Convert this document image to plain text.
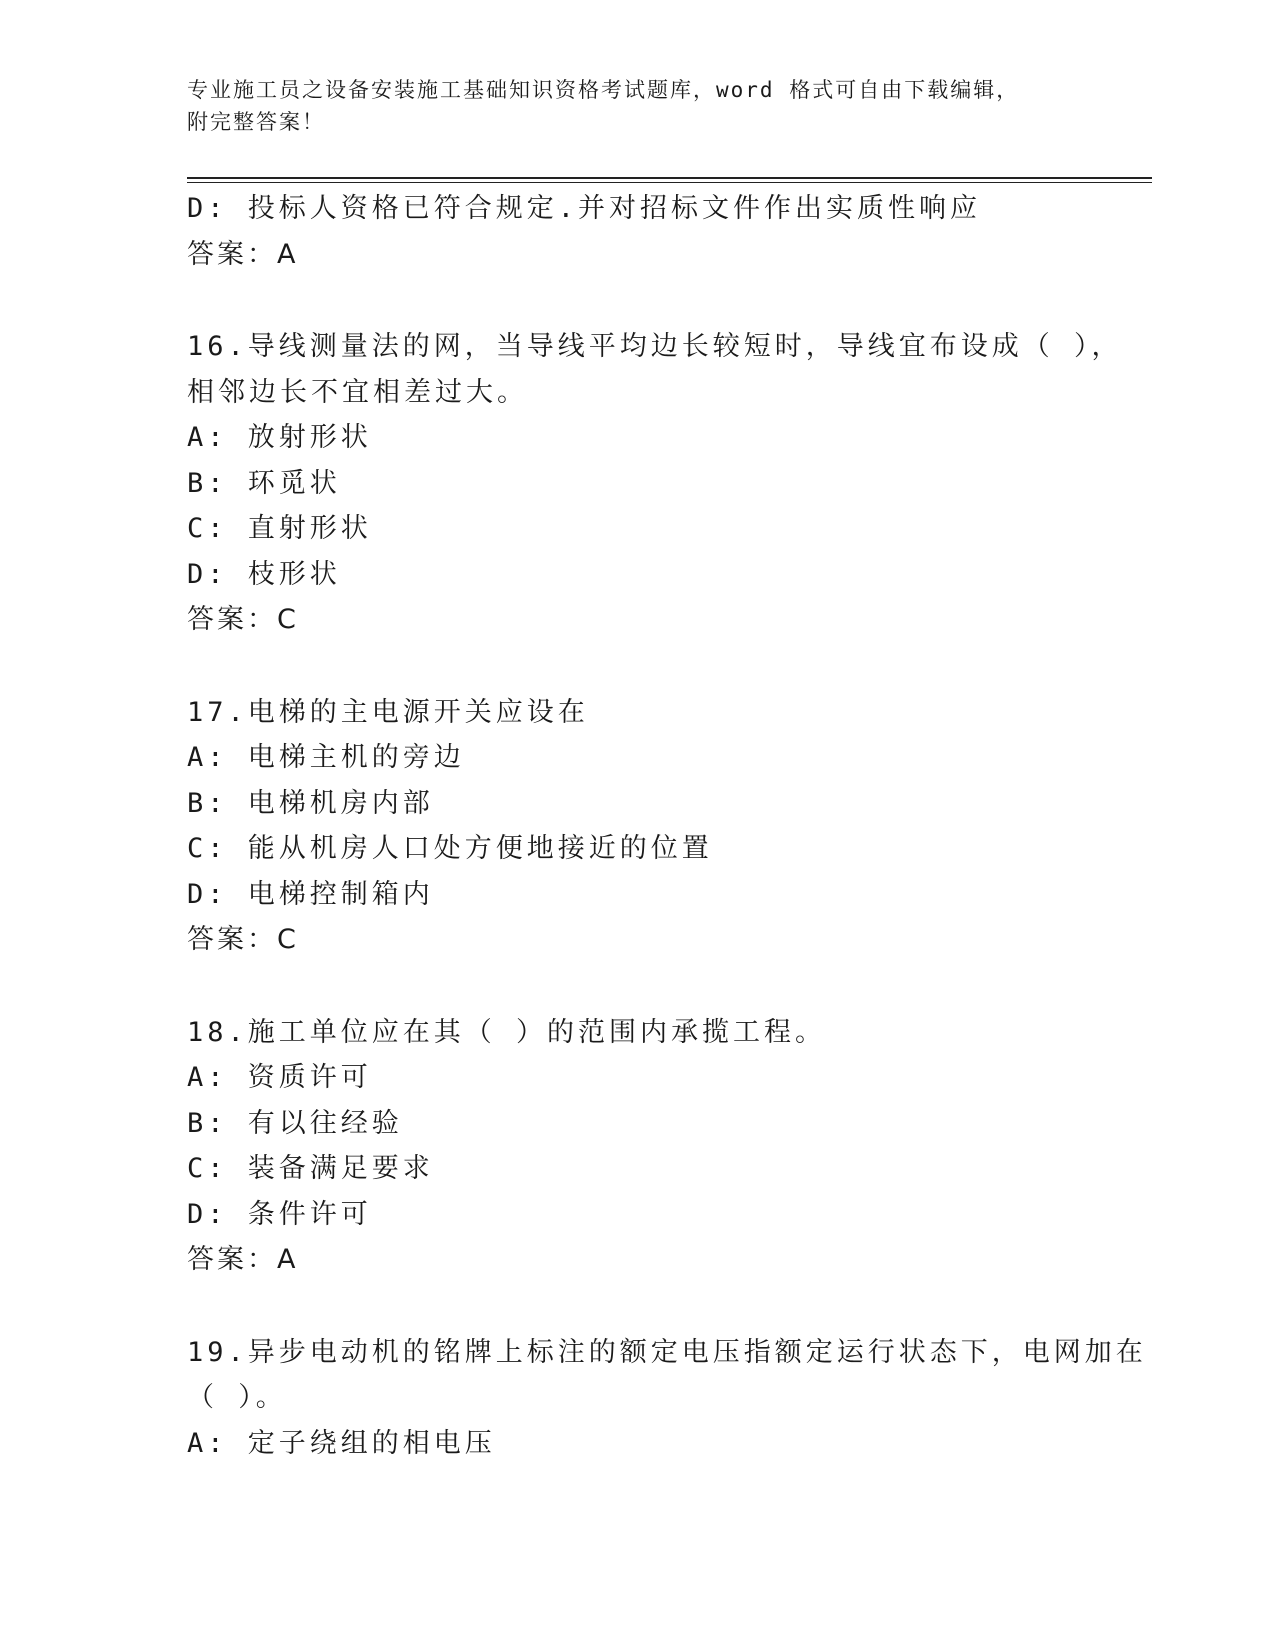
专业施工员之设备安装施工基础知识资格考试题库，word 格式可自由下载编辑，
附完整答案！
D: 投标人资格已符合规定.并对招标文件作出实质性响应
答案：A
16.导线测量法的网，当导线平均边长较短时，导线宜布设成（ ），
相邻边长不宜相差过大。
A: 放射形状
B: 环觅状
C: 直射形状
D: 枝形状
答案：C
17.电梯的主电源开关应设在
A: 电梯主机的旁边
B: 电梯机房内部
C: 能从机房人口处方便地接近的位置
D: 电梯控制箱内
答案：C
18.施工单位应在其（ ）的范围内承揽工程。
A: 资质许可
B: 有以往经验
C: 装备满足要求
D: 条件许可
答案：A
19.异步电动机的铭牌上标注的额定电压指额定运行状态下，电网加在
（ ）。
A: 定子绕组的相电压
